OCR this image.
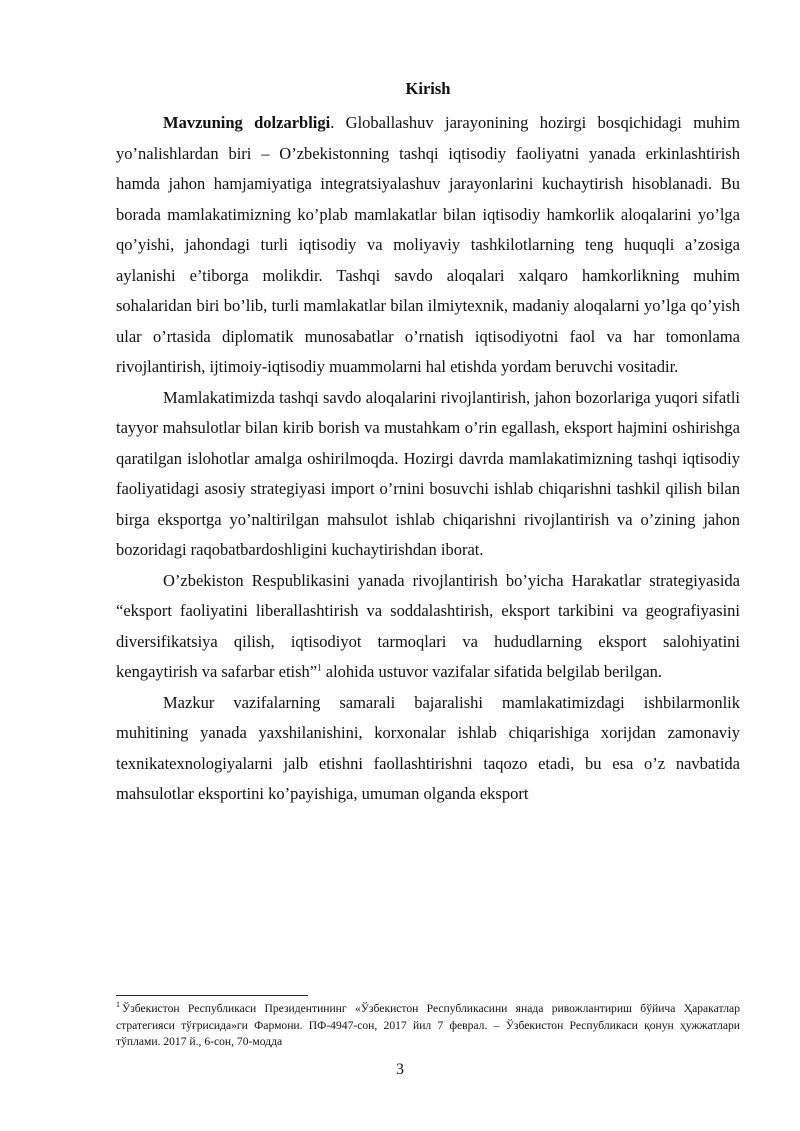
Kirish

Mavzuning dolzarbligi. Globallashuv jarayonining hozirgi bosqichidagi muhim yo’nalishlardan biri – O’zbekistonning tashqi iqtisodiy faoliyatni yanada erkinlashtirish hamda jahon hamjamiyatiga integratsiyalashuv jarayonlarini kuchaytirish hisoblanadi. Bu borada mamlakatimizning ko’plab mamlakatlar bilan iqtisodiy hamkorlik aloqalarini yo’lga qo’yishi, jahondagi turli iqtisodiy va moliyaviy tashkilotlarning teng huquqli a’zosiga aylanishi e’tiborga molikdir. Tashqi savdo aloqalari xalqaro hamkorlikning muhim sohalaridan biri bo’lib, turli mamlakatlar bilan ilmiytexnik, madaniy aloqalarni yo’lga qo’yish ular o’rtasida diplomatik munosabatlar o’rnatish iqtisodiyotni faol va har tomonlama rivojlantirish, ijtimoiy-iqtisodiy muammolarni hal etishda yordam beruvchi vositadir.

Mamlakatimizda tashqi savdo aloqalarini rivojlantirish, jahon bozorlariga yuqori sifatli tayyor mahsulotlar bilan kirib borish va mustahkam o’rin egallash, eksport hajmini oshirishga qaratilgan islohotlar amalga oshirilmoqda. Hozirgi davrda mamlakatimizning tashqi iqtisodiy faoliyatidagi asosiy strategiyasi import o’rnini bosuvchi ishlab chiqarishni tashkil qilish bilan birga eksportga yo’naltirilgan mahsulot ishlab chiqarishni rivojlantirish va o’zining jahon bozoridagi raqobatbardoshligini kuchaytirishdan iborat.

O’zbekiston Respublikasini yanada rivojlantirish bo’yicha Harakatlar strategiyasida “eksport faoliyatini liberallashtirish va soddalashtirish, eksport tarkibini va geografiyasini diversifikatsiya qilish, iqtisodiyot tarmoqlari va hududlarning eksport salohiyatini kengaytirish va safarbar etish”$^1$ alohida ustuvor vazifalar sifatida belgilab berilgan.

Mazkur vazifalarning samarali bajaralishi mamlakatimizdagi ishbilarmonlik muhitining yanada yaxshilanishini, korxonalar ishlab chiqarishiga xorijdan zamonaviy texnikatexnologiyalarni jalb etishni faollashtirishni taqozo etadi, bu esa o’z navbatida mahsulotlar eksportini ko’payishiga, umuman olganda eksport

$^1$ Ўзбекистон Республикаси Президентининг «Ўзбекистон Республикасини янада ривожлантириш бўйича Ҳаракатлар стратегияси тўғрисида»ги Фармони. ПФ-4947-сон, 2017 йил 7 феврал. – Ўзбекистон Республикаси қонун ҳужжатлари тўплами. 2017 й., 6-сон, 70-модда

3
